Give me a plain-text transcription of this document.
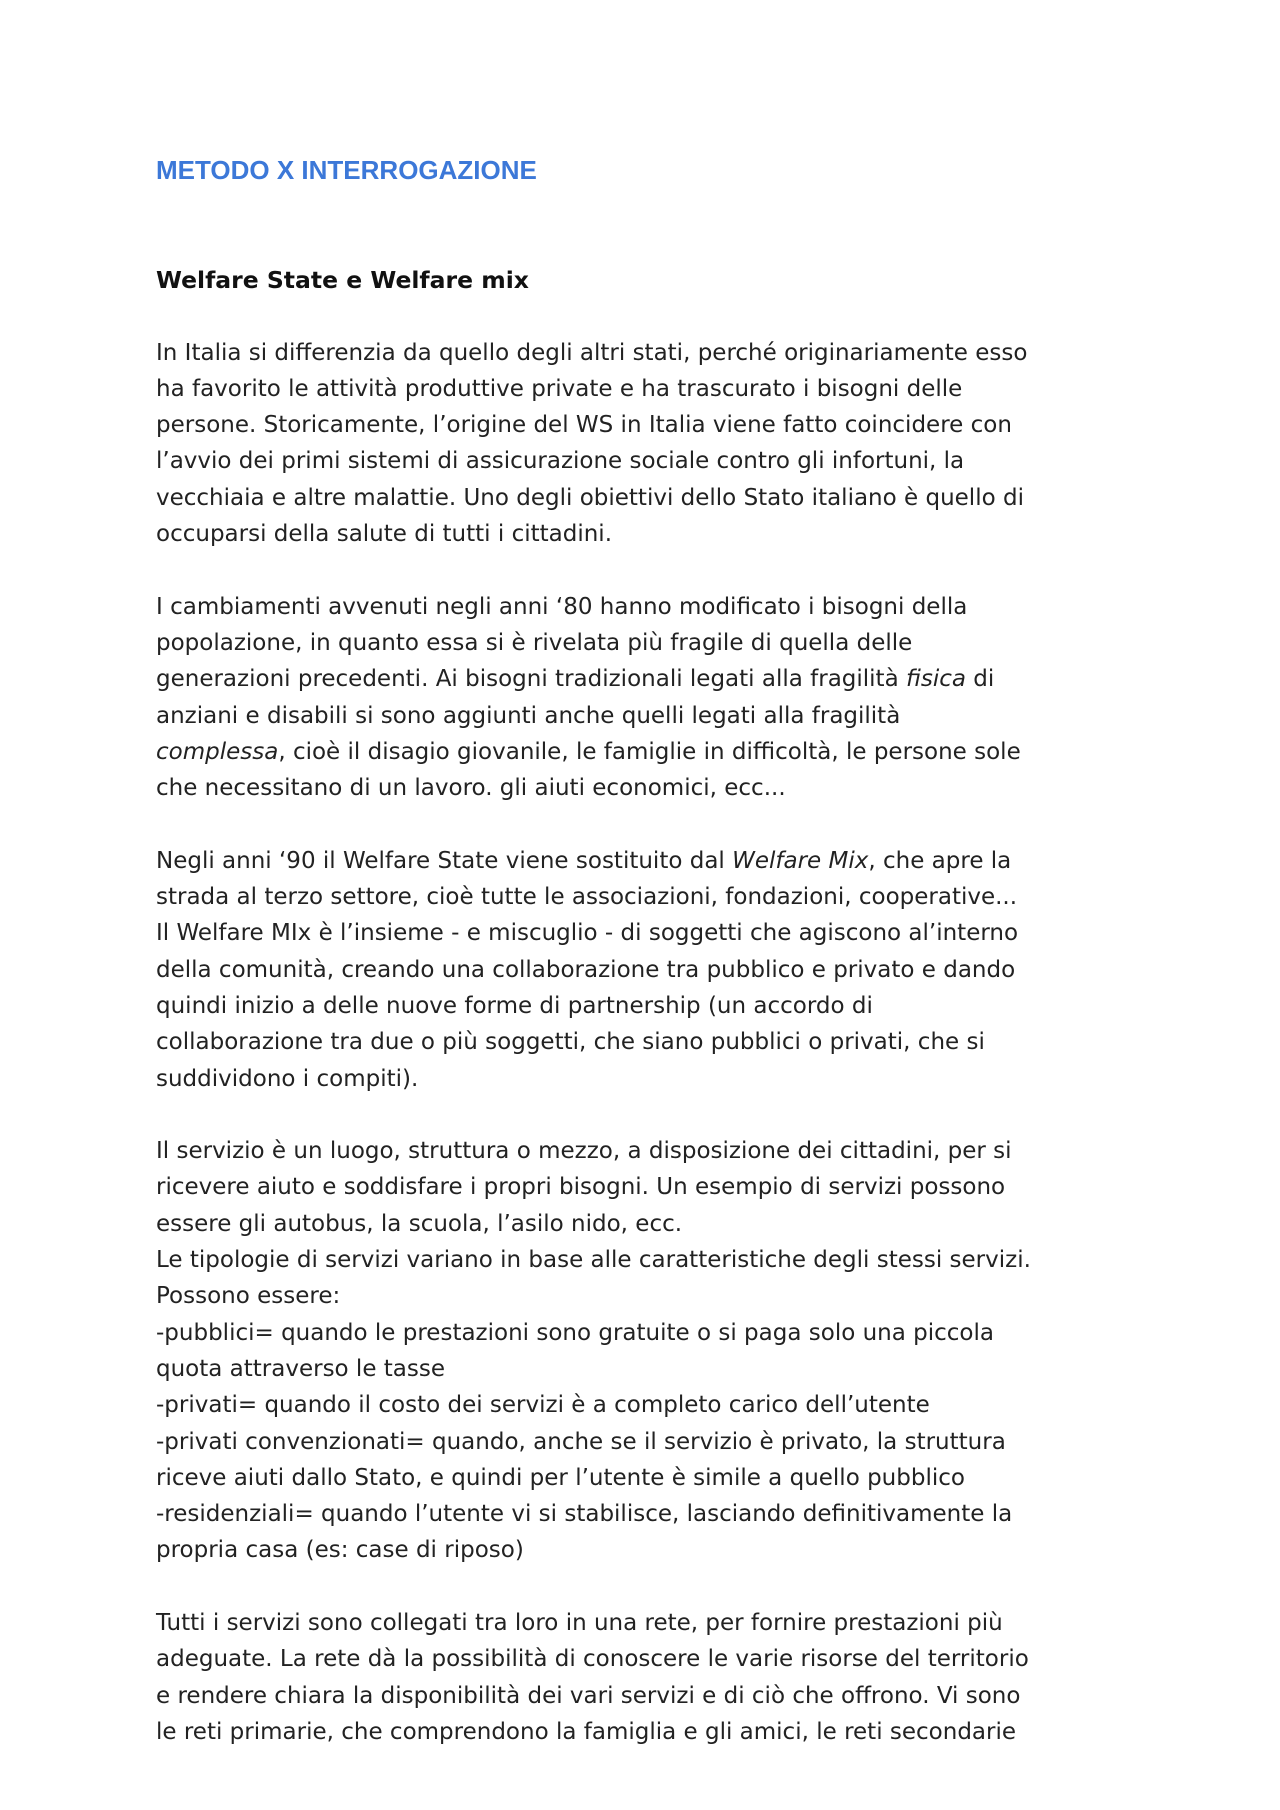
METODO X INTERROGAZIONE
Welfare State e Welfare mix

In Italia si differenzia da quello degli altri stati, perché originariamente esso
ha favorito le attività produttive private e ha trascurato i bisogni delle
persone. Storicamente, l’origine del WS in Italia viene fatto coincidere con
l’avvio dei primi sistemi di assicurazione sociale contro gli infortuni, la
vecchiaia e altre malattie. Uno degli obiettivi dello Stato italiano è quello di
occuparsi della salute di tutti i cittadini.

I cambiamenti avvenuti negli anni ‘80 hanno modificato i bisogni della
popolazione, in quanto essa si è rivelata più fragile di quella delle
generazioni precedenti. Ai bisogni tradizionali legati alla fragilità fisica di
anziani e disabili si sono aggiunti anche quelli legati alla fragilità
complessa, cioè il disagio giovanile, le famiglie in difficoltà, le persone sole
che necessitano di un lavoro. gli aiuti economici, ecc...

Negli anni ‘90 il Welfare State viene sostituito dal Welfare Mix, che apre la
strada al terzo settore, cioè tutte le associazioni, fondazioni, cooperative...
Il Welfare MIx è l’insieme - e miscuglio - di soggetti che agiscono al’interno
della comunità, creando una collaborazione tra pubblico e privato e dando
quindi inizio a delle nuove forme di partnership (un accordo di
collaborazione tra due o più soggetti, che siano pubblici o privati, che si
suddividono i compiti).

Il servizio è un luogo, struttura o mezzo, a disposizione dei cittadini, per si
ricevere aiuto e soddisfare i propri bisogni. Un esempio di servizi possono
essere gli autobus, la scuola, l’asilo nido, ecc.
Le tipologie di servizi variano in base alle caratteristiche degli stessi servizi.
Possono essere:
-pubblici= quando le prestazioni sono gratuite o si paga solo una piccola
quota attraverso le tasse
-privati= quando il costo dei servizi è a completo carico dell’utente
-privati convenzionati= quando, anche se il servizio è privato, la struttura
riceve aiuti dallo Stato, e quindi per l’utente è simile a quello pubblico
-residenziali= quando l’utente vi si stabilisce, lasciando definitivamente la
propria casa (es: case di riposo)

Tutti i servizi sono collegati tra loro in una rete, per fornire prestazioni più
adeguate. La rete dà la possibilità di conoscere le varie risorse del territorio
e rendere chiara la disponibilità dei vari servizi e di ciò che offrono. Vi sono
le reti primarie, che comprendono la famiglia e gli amici, le reti secondarie
